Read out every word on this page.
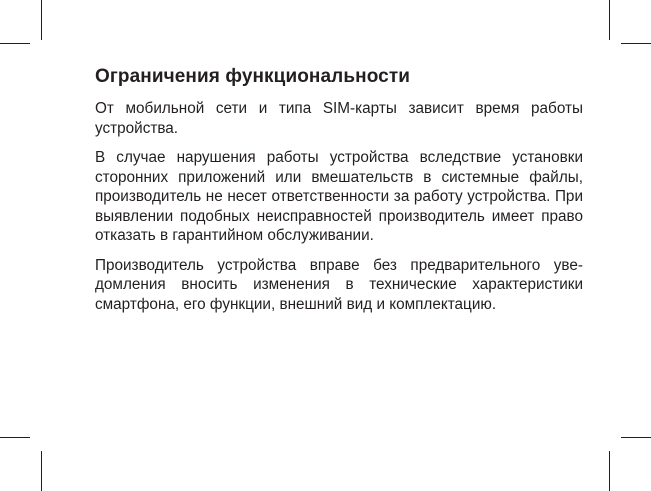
Ограничения функциональности

От мобильной сети и типа SIM-карты зависит время работы устройства.

В случае нарушения работы устройства вследствие установки сторонних приложений или вмешательств в системные файлы, производитель не несет ответственности за работу устройства. При выявлении подобных неисправностей производитель имеет право отказать в гарантийном обслуживании.

Производитель устройства вправе без предварительного уведомления вносить изменения в технические характеристики смартфона, его функции, внешний вид и комплектацию.
